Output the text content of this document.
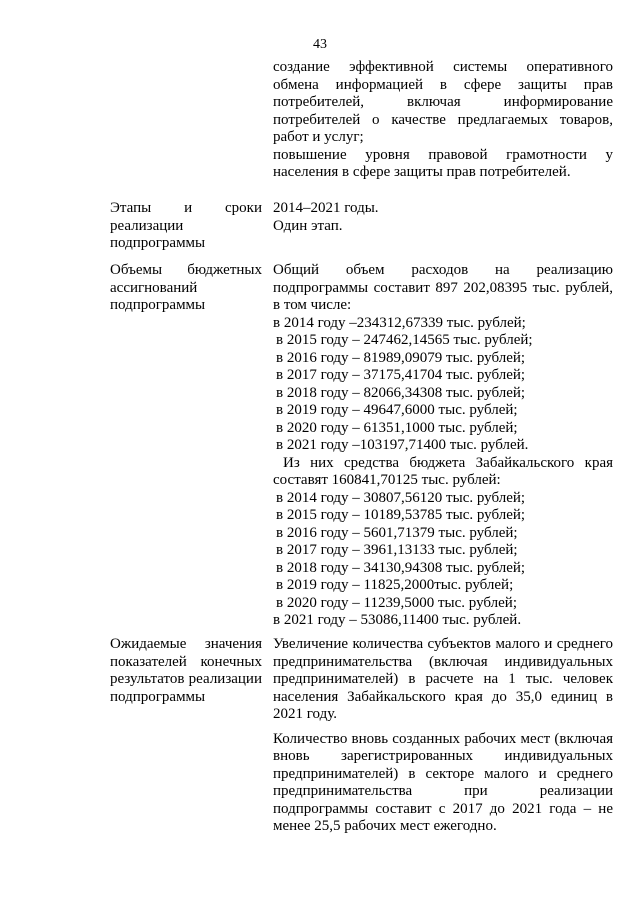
43
создание эффективной системы оперативного обмена информацией в сфере защиты прав потребителей, включая информирование потребителей о качестве предлагаемых товаров, работ и услуг;
повышение уровня правовой грамотности у населения в сфере защиты прав потребителей.
Этапы и сроки реализации подпрограммы
2014–2021 годы.
Один этап.
Объемы бюджетных ассигнований подпрограммы
Общий объем расходов на реализацию подпрограммы составит 897 202,08395 тыс. рублей, в том числе:
в 2014 году –234312,67339 тыс. рублей;
в 2015 году – 247462,14565 тыс. рублей;
в 2016 году – 81989,09079 тыс. рублей;
в 2017 году – 37175,41704 тыс. рублей;
в 2018 году – 82066,34308 тыс. рублей;
в 2019 году – 49647,6000 тыс. рублей;
в 2020 году – 61351,1000 тыс. рублей;
в 2021 году –103197,71400 тыс. рублей.
Из них средства бюджета Забайкальского края составят 160841,70125 тыс. рублей:
в 2014 году – 30807,56120 тыс. рублей;
в 2015 году – 10189,53785 тыс. рублей;
в 2016 году – 5601,71379 тыс. рублей;
в 2017 году – 3961,13133 тыс. рублей;
в 2018 году – 34130,94308 тыс. рублей;
в 2019 году – 11825,2000тыс. рублей;
в 2020 году – 11239,5000 тыс. рублей;
в 2021 году – 53086,11400 тыс. рублей.
Ожидаемые значения показателей конечных результатов реализации подпрограммы
Увеличение количества субъектов малого и среднего предпринимательства (включая индивидуальных предпринимателей) в расчете на 1 тыс. человек населения Забайкальского края до 35,0 единиц в 2021 году.
Количество вновь созданных рабочих мест (включая вновь зарегистрированных индивидуальных предпринимателей) в секторе малого и среднего предпринимательства при реализации подпрограммы составит с 2017 до 2021 года – не менее 25,5 рабочих мест ежегодно.
